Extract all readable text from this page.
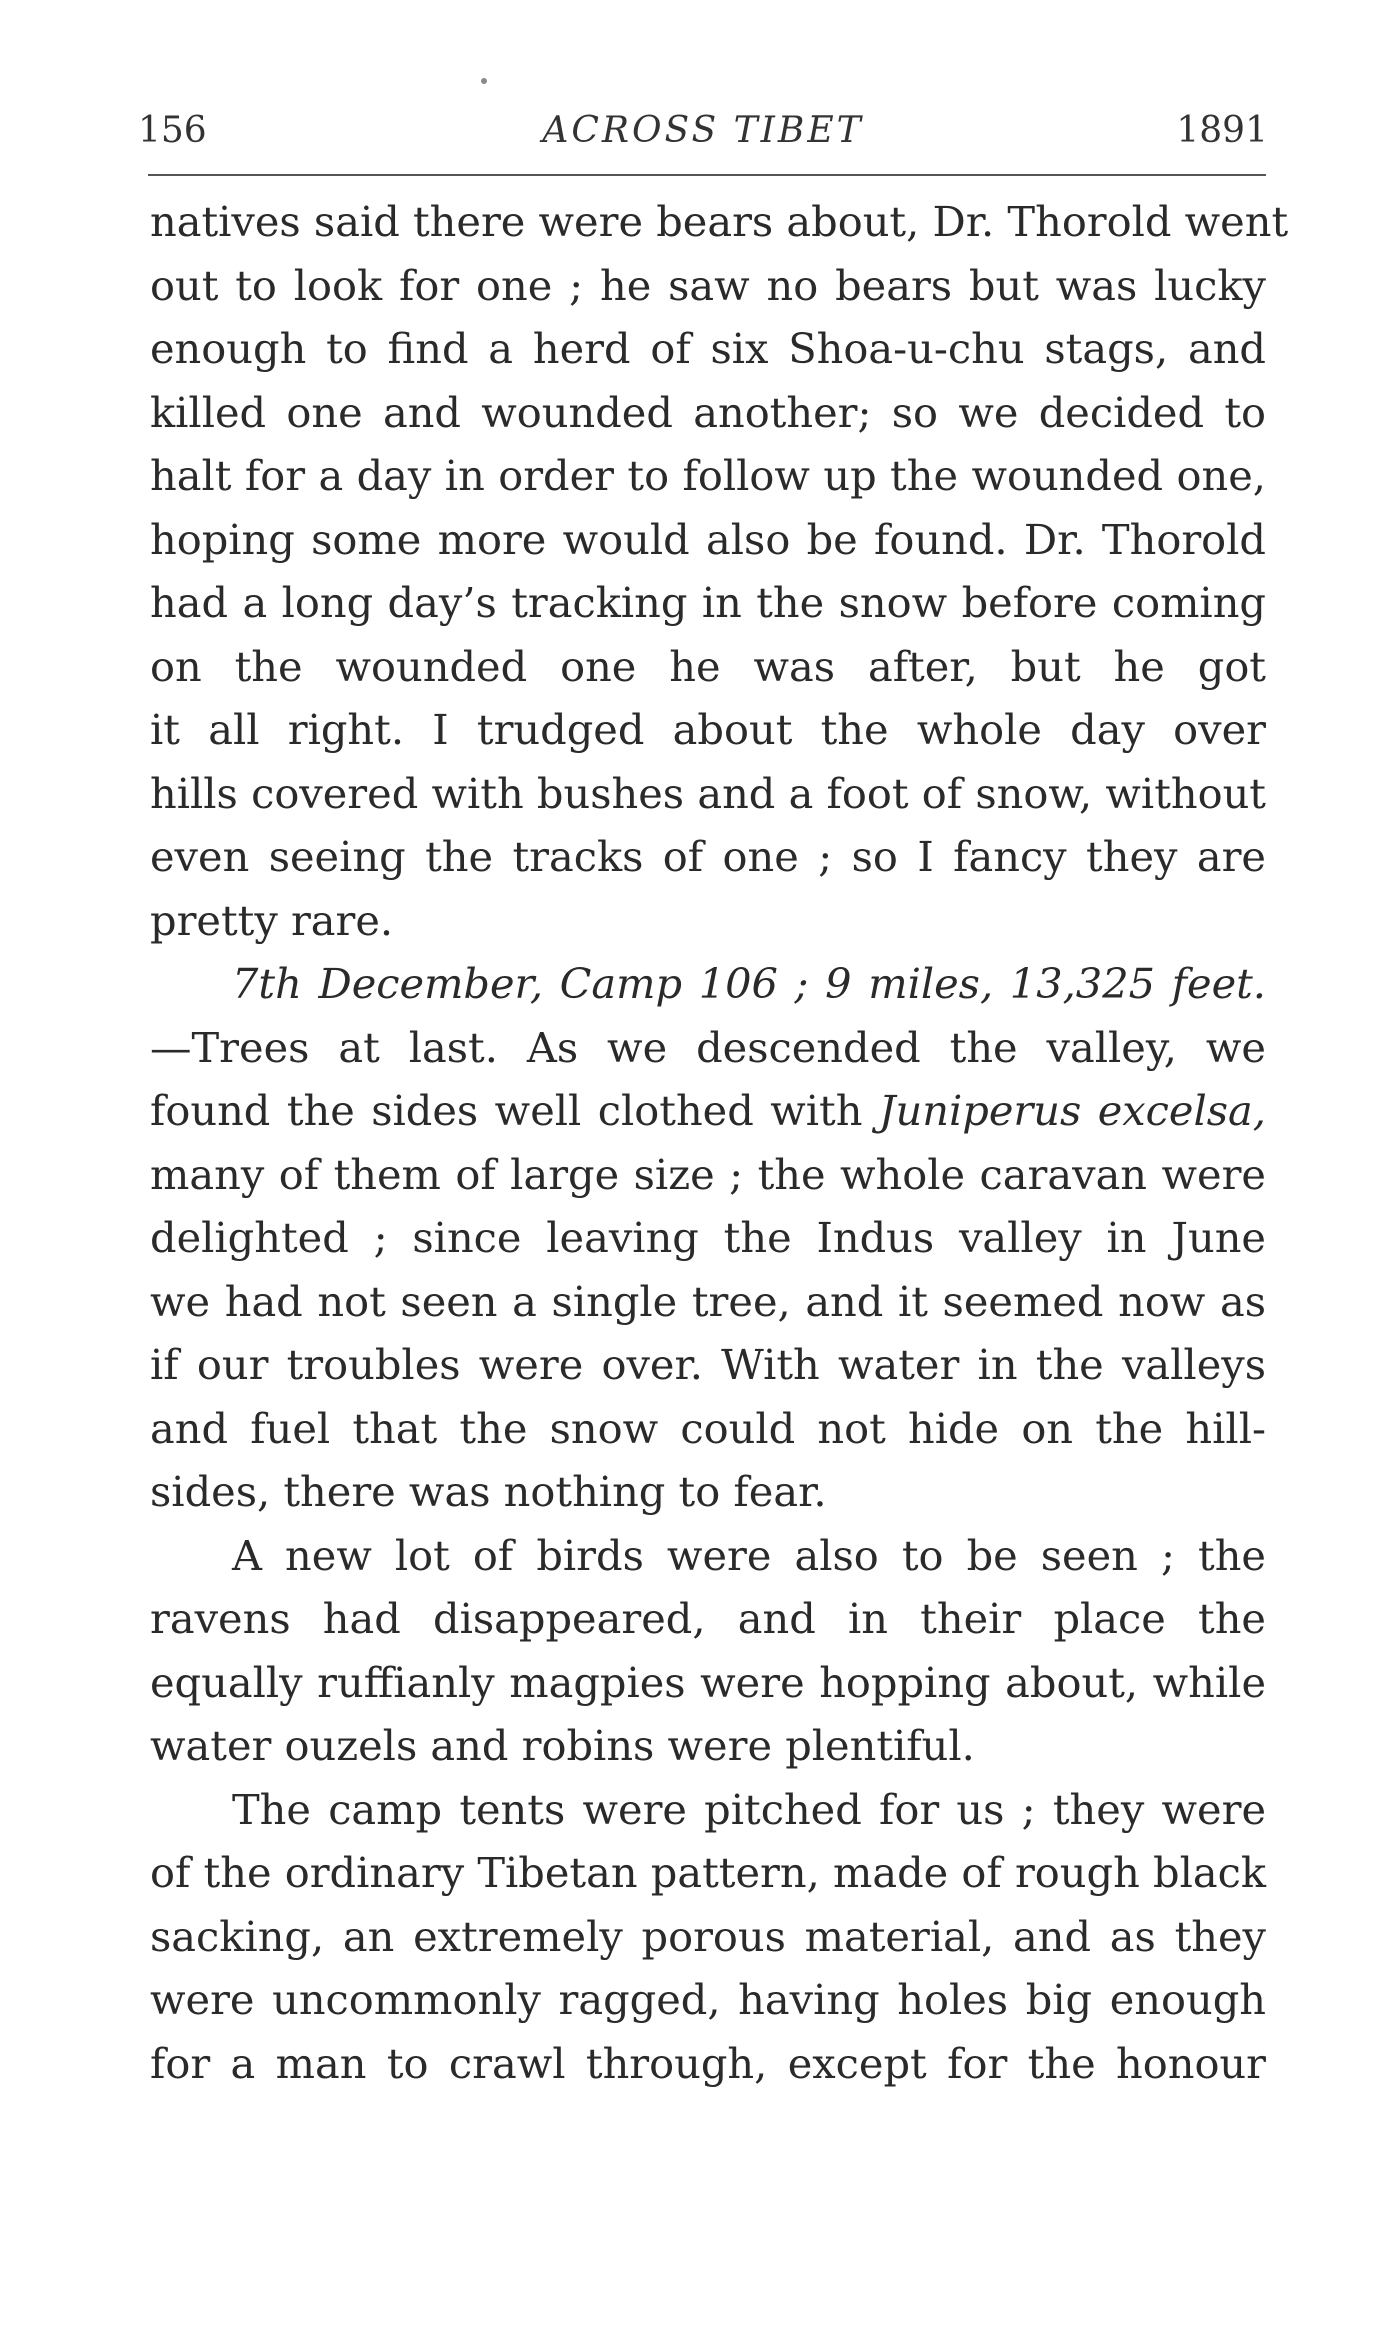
156	ACROSS TIBET	1891
natives said there were bears about, Dr. Thorold went
out to look for one ; he saw no bears but was lucky
enough to find a herd of six Shoa-u-chu stags, and
killed one and wounded another; so we decided to
halt for a day in order to follow up the wounded one,
hoping some more would also be found. Dr. Thorold
had a long day’s tracking in the snow before coming
on the wounded one he was after, but he got
it all right. I trudged about the whole day over
hills covered with bushes and a foot of snow, without
even seeing the tracks of one ; so I fancy they are
pretty rare.
7th December, Camp 106 ; 9 miles, 13,325 feet.
—Trees at last. As we descended the valley, we
found the sides well clothed with Juniperus excelsa,
many of them of large size ; the whole caravan were
delighted ; since leaving the Indus valley in June
we had not seen a single tree, and it seemed now as
if our troubles were over. With water in the valleys
and fuel that the snow could not hide on the hill-
sides, there was nothing to fear.
A new lot of birds were also to be seen ; the
ravens had disappeared, and in their place the
equally ruffianly magpies were hopping about, while
water ouzels and robins were plentiful.
The camp tents were pitched for us ; they were
of the ordinary Tibetan pattern, made of rough black
sacking, an extremely porous material, and as they
were uncommonly ragged, having holes big enough
for a man to crawl through, except for the honour
